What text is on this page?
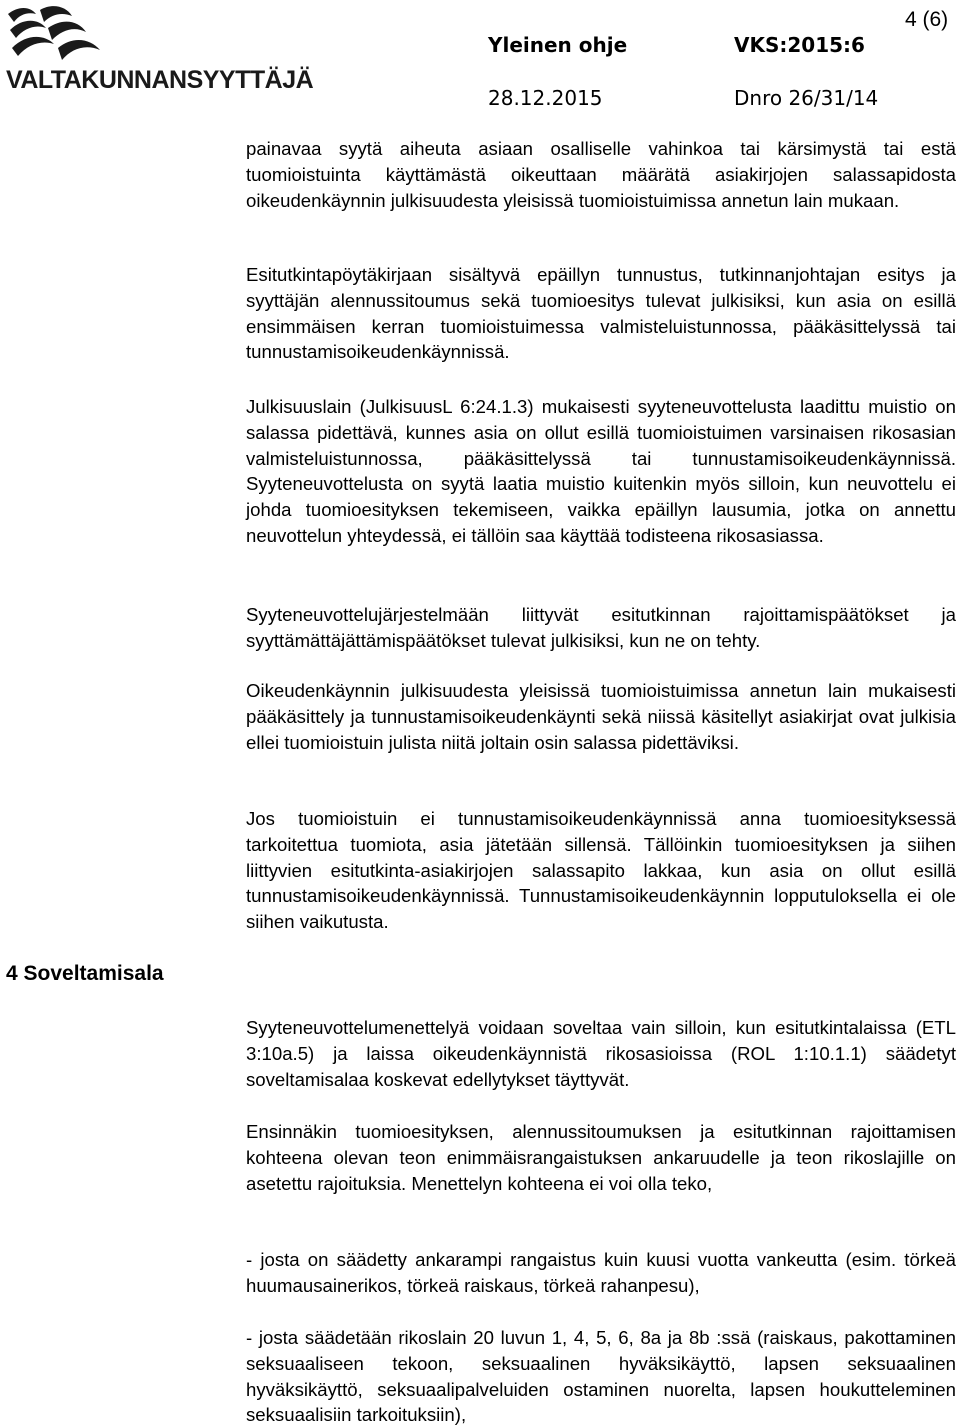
VALTAKUNNANSYYTTÄJÄ
Yleinen ohje	VKS:2015:6
4 (6)
28.12.2015	Dnro 26/31/14
4 Soveltamisala

painavaa syytä aiheuta asiaan osalliselle vahinkoa tai kärsimystä tai estä tuomioistuinta käyttämästä oikeuttaan määrätä asiakirjojen salassapidosta oikeudenkäynnin julkisuudesta yleisissä tuomioistuimissa annetun lain mukaan.

Esitutkintapöytäkirjaan sisältyvä epäillyn tunnustus, tutkinnanjohtajan esitys ja syyttäjän alennussitoumus sekä tuomioesitys tulevat julkisiksi, kun asia on esillä ensimmäisen kerran tuomioistuimessa valmisteluistunnossa, pääkäsittelyssä tai tunnustamisoikeudenkäynnissä.

Julkisuuslain (JulkisuusL 6:24.1.3) mukaisesti syyteneuvottelusta laadittu muistio on salassa pidettävä, kunnes asia on ollut esillä tuomioistuimen varsinaisen rikosasian valmisteluistunnossa, pääkäsittelyssä tai tunnustamisoikeudenkäynnissä. Syyteneuvottelusta on syytä laatia muistio kuitenkin myös silloin, kun neuvottelu ei johda tuomioesityksen tekemiseen, vaikka epäillyn lausumia, jotka on annettu neuvottelun yhteydessä, ei tällöin saa käyttää todisteena rikosasiassa.

Syyteneuvottelujärjestelmään liittyvät esitutkinnan rajoittamispäätökset ja syyttämättäjättämispäätökset tulevat julkisiksi, kun ne on tehty.

Oikeudenkäynnin julkisuudesta yleisissä tuomioistuimissa annetun lain mukaisesti pääkäsittely ja tunnustamisoikeudenkäynti sekä niissä käsitellyt asiakirjat ovat julkisia ellei tuomioistuin julista niitä joltain osin salassa pidettäviksi.

Jos tuomioistuin ei tunnustamisoikeudenkäynnissä anna tuomioesityksessä tarkoitettua tuomiota, asia jätetään sillensä. Tällöinkin tuomioesityksen ja siihen liittyvien esitutkinta-asiakirjojen salassapito lakkaa, kun asia on ollut esillä tunnustamisoikeudenkäynnissä. Tunnustamisoikeudenkäynnin lopputuloksella ei ole siihen vaikutusta.

Syyteneuvottelumenettelyä voidaan soveltaa vain silloin, kun esitutkintalaissa (ETL 3:10a.5) ja laissa oikeudenkäynnistä rikosasioissa (ROL 1:10.1.1) säädetyt soveltamisalaa koskevat edellytykset täyttyvät.

Ensinnäkin tuomioesityksen, alennussitoumuksen ja esitutkinnan rajoittamisen kohteena olevan teon enimmäisrangaistuksen ankaruudelle ja teon rikoslajille on asetettu rajoituksia. Menettelyn kohteena ei voi olla teko,

- josta on säädetty ankarampi rangaistus kuin kuusi vuotta vankeutta (esim. törkeä huumausainerikos, törkeä raiskaus, törkeä rahanpesu),

- josta säädetään rikoslain 20 luvun 1, 4, 5, 6, 8a ja 8b :ssä (raiskaus, pakottaminen seksuaaliseen tekoon, seksuaalinen hyväksikäyttö, lapsen seksuaalinen hyväksikäyttö, seksuaalipalveluiden ostaminen nuorelta, lapsen houkutteleminen seksuaalisiin tarkoituksiin),
